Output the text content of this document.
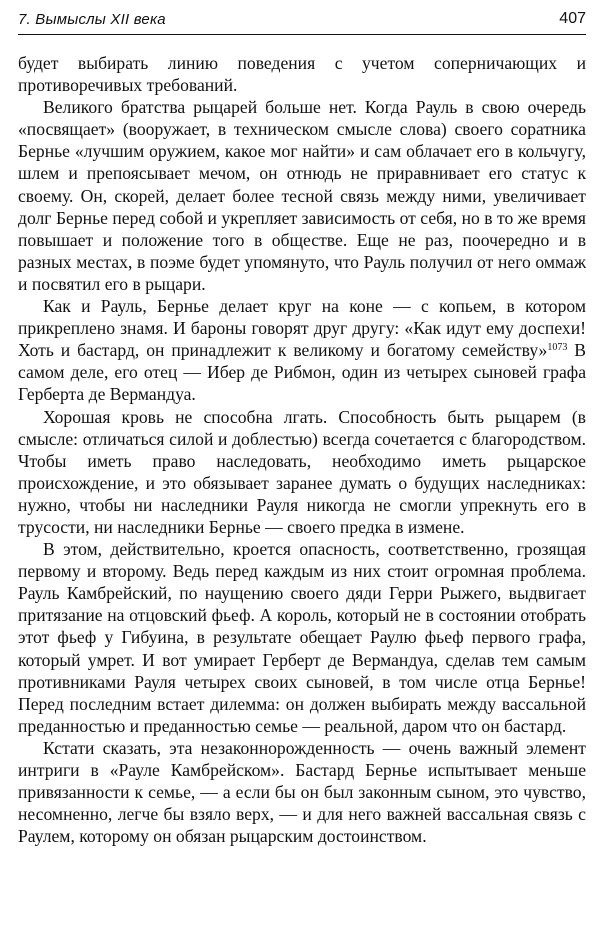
7. Вымыслы XII века	407

будет выбирать линию поведения с учетом соперничающих и противоречивых требований.

Великого братства рыцарей больше нет. Когда Рауль в свою очередь «посвящает» (вооружает, в техническом смысле слова) своего соратника Бернье «лучшим оружием, какое мог найти» и сам облачает его в кольчугу, шлем и препоясывает мечом, он отнюдь не приравнивает его статус к своему. Он, скорей, делает более тесной связь между ними, увеличивает долг Бернье перед собой и укрепляет зависимость от себя, но в то же время повышает и положение того в обществе. Еще не раз, поочередно и в разных местах, в поэме будет упомянуто, что Рауль получил от него оммаж и посвятил его в рыцари.

Как и Рауль, Бернье делает круг на коне — с копьем, в котором прикреплено знамя. И бароны говорят друг другу: «Как идут ему доспехи! Хоть и бастард, он принадлежит к великому и богатому семейству»$^{1073}$ В самом деле, его отец — Ибер де Рибмон, один из четырех сыновей графа Герберта де Вермандуа.

Хорошая кровь не способна лгать. Способность быть рыцарем (в смысле: отличаться силой и доблестью) всегда сочетается с благородством. Чтобы иметь право наследовать, необходимо иметь рыцарское происхождение, и это обязывает заранее думать о будущих наследниках: нужно, чтобы ни наследники Рауля никогда не смогли упрекнуть его в трусости, ни наследники Бернье — своего предка в измене.

В этом, действительно, кроется опасность, соответственно, грозящая первому и второму. Ведь перед каждым из них стоит огромная проблема. Рауль Камбрейский, по наущению своего дяди Герри Рыжего, выдвигает притязание на отцовский фьеф. А король, который не в состоянии отобрать этот фьеф у Гибуина, в результате обещает Раулю фьеф первого графа, который умрет. И вот умирает Герберт де Вермандуа, сделав тем самым противниками Рауля четырех своих сыновей, в том числе отца Бернье! Перед последним встает дилемма: он должен выбирать между вассальной преданностью и преданностью семье — реальной, даром что он бастард.

Кстати сказать, эта незаконнорожденность — очень важный элемент интриги в «Рауле Камбрейском». Бастард Бернье испытывает меньше привязанности к семье, — а если бы он был законным сыном, это чувство, несомненно, легче бы взяло верх, — и для него важней вассальная связь с Раулем, которому он обязан рыцарским достоинством.
